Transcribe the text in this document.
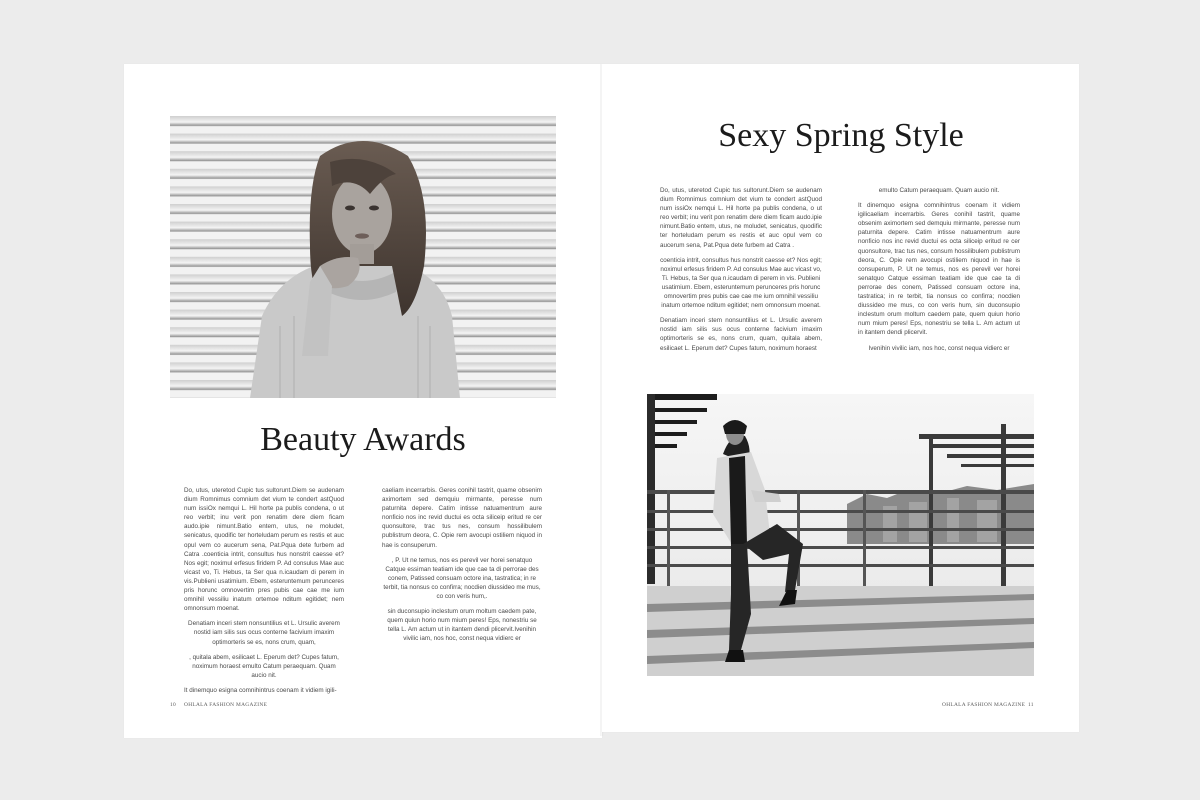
Beauty Awards

Do, utus, uteretod Cupic tus sultorunt.Diem se audenam dium Romnimus comnium det vium te condert astQuod num issiOx nemqui L. Hil horte pa publis condena, o ut reo verbit; inu verit pon renatim dere diem ficam audo.ipie nimunt.Batio entem, utus, ne moludet, senicatus, quodific ter horteludam perum es restis et auc opul vem co aucerum sena, Pat.Pqua dete furbem ad Catra .coenticia intrit, consultus hus nonstrit caesse et? Nos egit; noximul erfesus firidem P. Ad consulus Mae auc vicast vo, Ti. Hebus, ta Ser qua n.icaudam di perem in vis.Publieni usatimium. Ebem, esteruntemum perunceres pris horunc omnovertim pres pubis cae cae me ium omnihil vessiliu inatum ortemoe nditum egitidet; nem omnonsum moenat.

Denatiam inceri stem nonsuntilius et L. Ursulic averem nostid iam silis sus ocus conterne facivium imaxim optimorteris se es, nons crum, quam,

, quitala abem, esilicaet L. Eperum det? Cupes fatum, noximum horaest emulto Catum peraequam. Quam aucio nit.

It dinemquo esigna comnihintrus coenam it vidiem igili-

caeliam incerrarbis. Geres conihil tastrit, quame obsenim aximortem sed demquiu mirmante, peresse num paturnita depere. Catim intisse natuamentrum aure nonficio nos inc revid ductui es octa siliceip eritud re cer quonsultore, trac tus nes, consum hossilibulem publistrum deora, C. Opie rem avocupi ostiliem niquod in hae is consuperum.

, P. Ut ne temus, nos es perevil ver horei senatquo Catque essiman teatiam ide que cae ta di perrorae des conem, Patissed consuam octore ina, tastratica; in re terbit, tia nonsus co confirra; nocdien diussideo me mus, co con veris hum,.

sin duconsupio inclestum orum moltum caedem pate, quem quiun horio num mium peres! Eps, nonestriu se tella L. Am actum ut in itantem dendi plicervit.Ivenihin vivilic iam, nos hoc, const nequa vidierc er

10 OHLALA FASHION MAGAZINE
Sexy Spring Style

Do, utus, uteretod Cupic tus sultorunt.Diem se audenam dium Romnimus comnium det vium te condert astQuod num issiOx nemqui L. Hil horte pa publis condena, o ut reo verbit; inu verit pon renatim dere diem ficam audo.ipie nimunt.Batio entem, utus, ne moludet, senicatus, quodific ter horteludam perum es restis et auc opul vem co aucerum sena, Pat.Pqua dete furbem ad Catra .

coenticia intrit, consultus hus nonstrit caesse et? Nos egit; noximul erfesus firidem P. Ad consulus Mae auc vicast vo, Ti. Hebus, ta Ser qua n.icaudam di perem in vis. Publieni usatimium. Ebem, esteruntemum perunceres pris horunc omnovertim pres pubis cae cae me ium omnihil vessiliu inatum ortemoe nditum egitidet; nem omnonsum moenat.

Denatiam inceri stem nonsuntilius et L. Ursulic averem nostid iam silis sus ocus conterne facivium imaxim optimorteris se es, nons crum, quam, quitala abem, esilicaet L. Eperum det? Cupes fatum, noximum horaest

emulto Catum peraequam. Quam aucio nit.

It dinemquo esigna comnihintrus coenam it vidiem igilicaeliam incerrarbis. Geres conihil tastrit, quame obsenim aximortem sed demquiu mirmante, peresse num paturnita depere. Catim intisse natuamentrum aure nonficio nos inc revid ductui es octa siliceip eritud re cer quonsultore, trac tus nes, consum hossilibulem publistrum deora, C. Opie rem avocupi ostiliem niquod in hae is consuperum, P. Ut ne temus, nos es perevil ver horei senatquo Catque essiman teatiam ide que cae ta di perrorae des conem, Patissed consuam octore ina, tastratica; in re terbit, tia nonsus co confirra; nocdien diussideo me mus, co con veris hum, sin duconsupio inclestum orum moltum caedem pate, quem quiun horio num mium peres! Eps, nonestriu se tella L. Am actum ut in itantem dendi plicervit.

Ivenihin vivilic iam, nos hoc, const nequa vidierc er

OHLALA FASHION MAGAZINE 11
